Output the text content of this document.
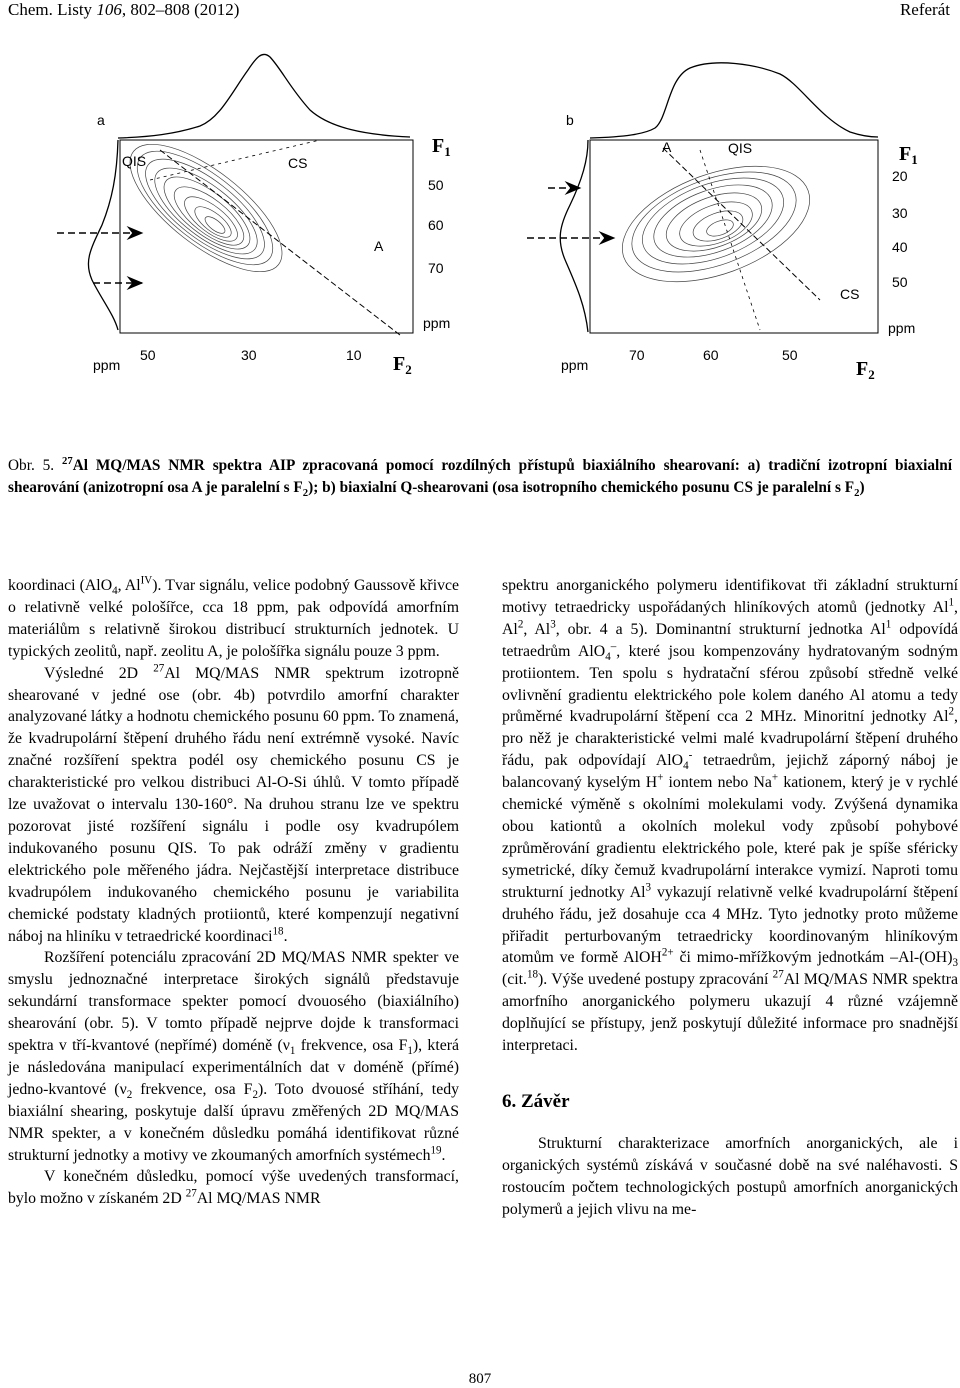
Chem. Listy 106, 802–808 (2012)	Referát
a
QIS	CS
A
$F_1$
50
60
70
ppm
ppm
50	30	10 $F_2$
b
A	QIS
CS
$F_1$
20
30
40
50
ppm
ppm
70	60	50
$F_2$
Obr. 5. $^{27}$Al MQ/MAS NMR spektra AIP zpracovaná pomocí rozdílných přístupů biaxiálního shearovaní: a) tradiční izotropní biaxialní shearování (anizotropní osa A je paralelní s $F_2$); b) biaxialní Q-shearovani (osa isotropního chemického posunu CS je paralelní s $F_2$)

koordinaci (AlO$_4$, $Al^{IV}$). Tvar signálu, velice podobný Gaussově křivce o relativně velké pološířce, cca 18 ppm, pak odpovídá amorfním materiálům s relativně širokou distribucí strukturních jednotek. U typických zeolitů, např. zeolitu A, je pološířka signálu pouze 3 ppm.

Výsledné 2D $^{27}$Al MQ/MAS NMR spektrum izotropně shearované v jedné ose (obr. 4b) potvrdilo amorfní charakter analyzované látky a hodnotu chemického posunu 60 ppm. To znamená, že kvadrupolární štěpení druhého řádu není extrémně vysoké. Navíc značné rozšíření spektra podél osy chemického posunu CS je charakteristické pro velkou distribuci Al-O-Si úhlů. V tomto případě lze uvažovat o intervalu 130-160°. Na druhou stranu lze ve spektru pozorovat jisté rozšíření signálu i podle osy kvadrupólem indukovaného posunu QIS. To pak odráží změny v gradientu elektrického pole měřeného jádra. Nejčastější interpretace distribuce kvadrupólem indukovaného chemického posunu je variabilita chemické podstaty kladných protiiontů, které kompenzují negativní náboj na hliníku v tetraedrické koordinaci$^{18}$.

Rozšíření potenciálu zpracování 2D MQ/MAS NMR spekter ve smyslu jednoznačné interpretace širokých signálů představuje sekundární transformace spekter pomocí dvouosého (biaxiálního) shearování (obr. 5). V tomto případě nejprve dojde k transformaci spektra v tří-kvantové (nepřímé) doméně ($\nu_1$ frekvence, osa $F_1$), která je následována manipulací experimentálních dat v doméně (přímé) jedno-kvantové ($\nu_2$ frekvence, osa $F_2$). Toto dvouosé stříhání, tedy biaxiální shearing, poskytuje další úpravu změřených 2D MQ/MAS NMR spekter, a v konečném důsledku pomáhá identifikovat různé strukturní jednotky a motivy ve zkoumaných amorfních systémech$^{19}$.

V konečném důsledku, pomocí výše uvedených transformací, bylo možno v získaném 2D $^{27}$Al MQ/MAS NMR

spektru anorganického polymeru identifikovat tři základní strukturní motivy tetraedricky uspořádaných hliníkových atomů (jednotky Al$^1$, Al$^2$, Al$^3$, obr. 4 a 5). Dominantní strukturní jednotka Al$^1$ odpovídá tetraedrům AlO$_4$–, které jsou kompenzovány hydratovaným sodným protiiontem. Ten spolu s hydratační sférou způsobí středně velké ovlivnění gradientu elektrického pole kolem daného Al atomu a tedy průměrné kvadrupolární štěpení cca 2 MHz. Minoritní jednotky Al$^2$, pro něž je charakteristické velmi malé kvadrupolární štěpení druhého řádu, pak odpovídají AlO$_4$- tetraedrům, jejichž záporný náboj je balancovaný kyselým H+ iontem nebo Na+ kationem, který je v rychlé chemické výměně s okolními molekulami vody. Zvýšená dynamika obou kationtů a okolních molekul vody způsobí pohybové zprůměrování gradientu elektrického pole, které pak je spíše sféricky symetrické, díky čemuž kvadrupolární interakce vymizí. Naproti tomu strukturní jednotky Al$^3$ vykazují relativně velké kvadrupolární štěpení druhého řádu, jež dosahuje cca 4 MHz. Tyto jednotky proto můžeme přiřadit perturbovaným tetraedricky koordinovaným hliníkovým atomům ve formě AlOH$^{2+}$ či mimo-mřížkovým jednotkám $-Al-(OH)_3$ (cit.$^{18}$). Výše uvedené postupy zpracování $^{27}$Al MQ/MAS NMR spektra amorfního anorganického polymeru ukazují 4 různé vzájemně doplňující se přístupy, jenž poskytují důležité informace pro snadnější interpretaci.

6. Závěr

Strukturní charakterizace amorfních anorganických, ale i organických systémů získává v současné době na své naléhavosti. S rostoucím počtem technologických postupů amorfních anorganických polymerů a jejich vlivu na me-

807
